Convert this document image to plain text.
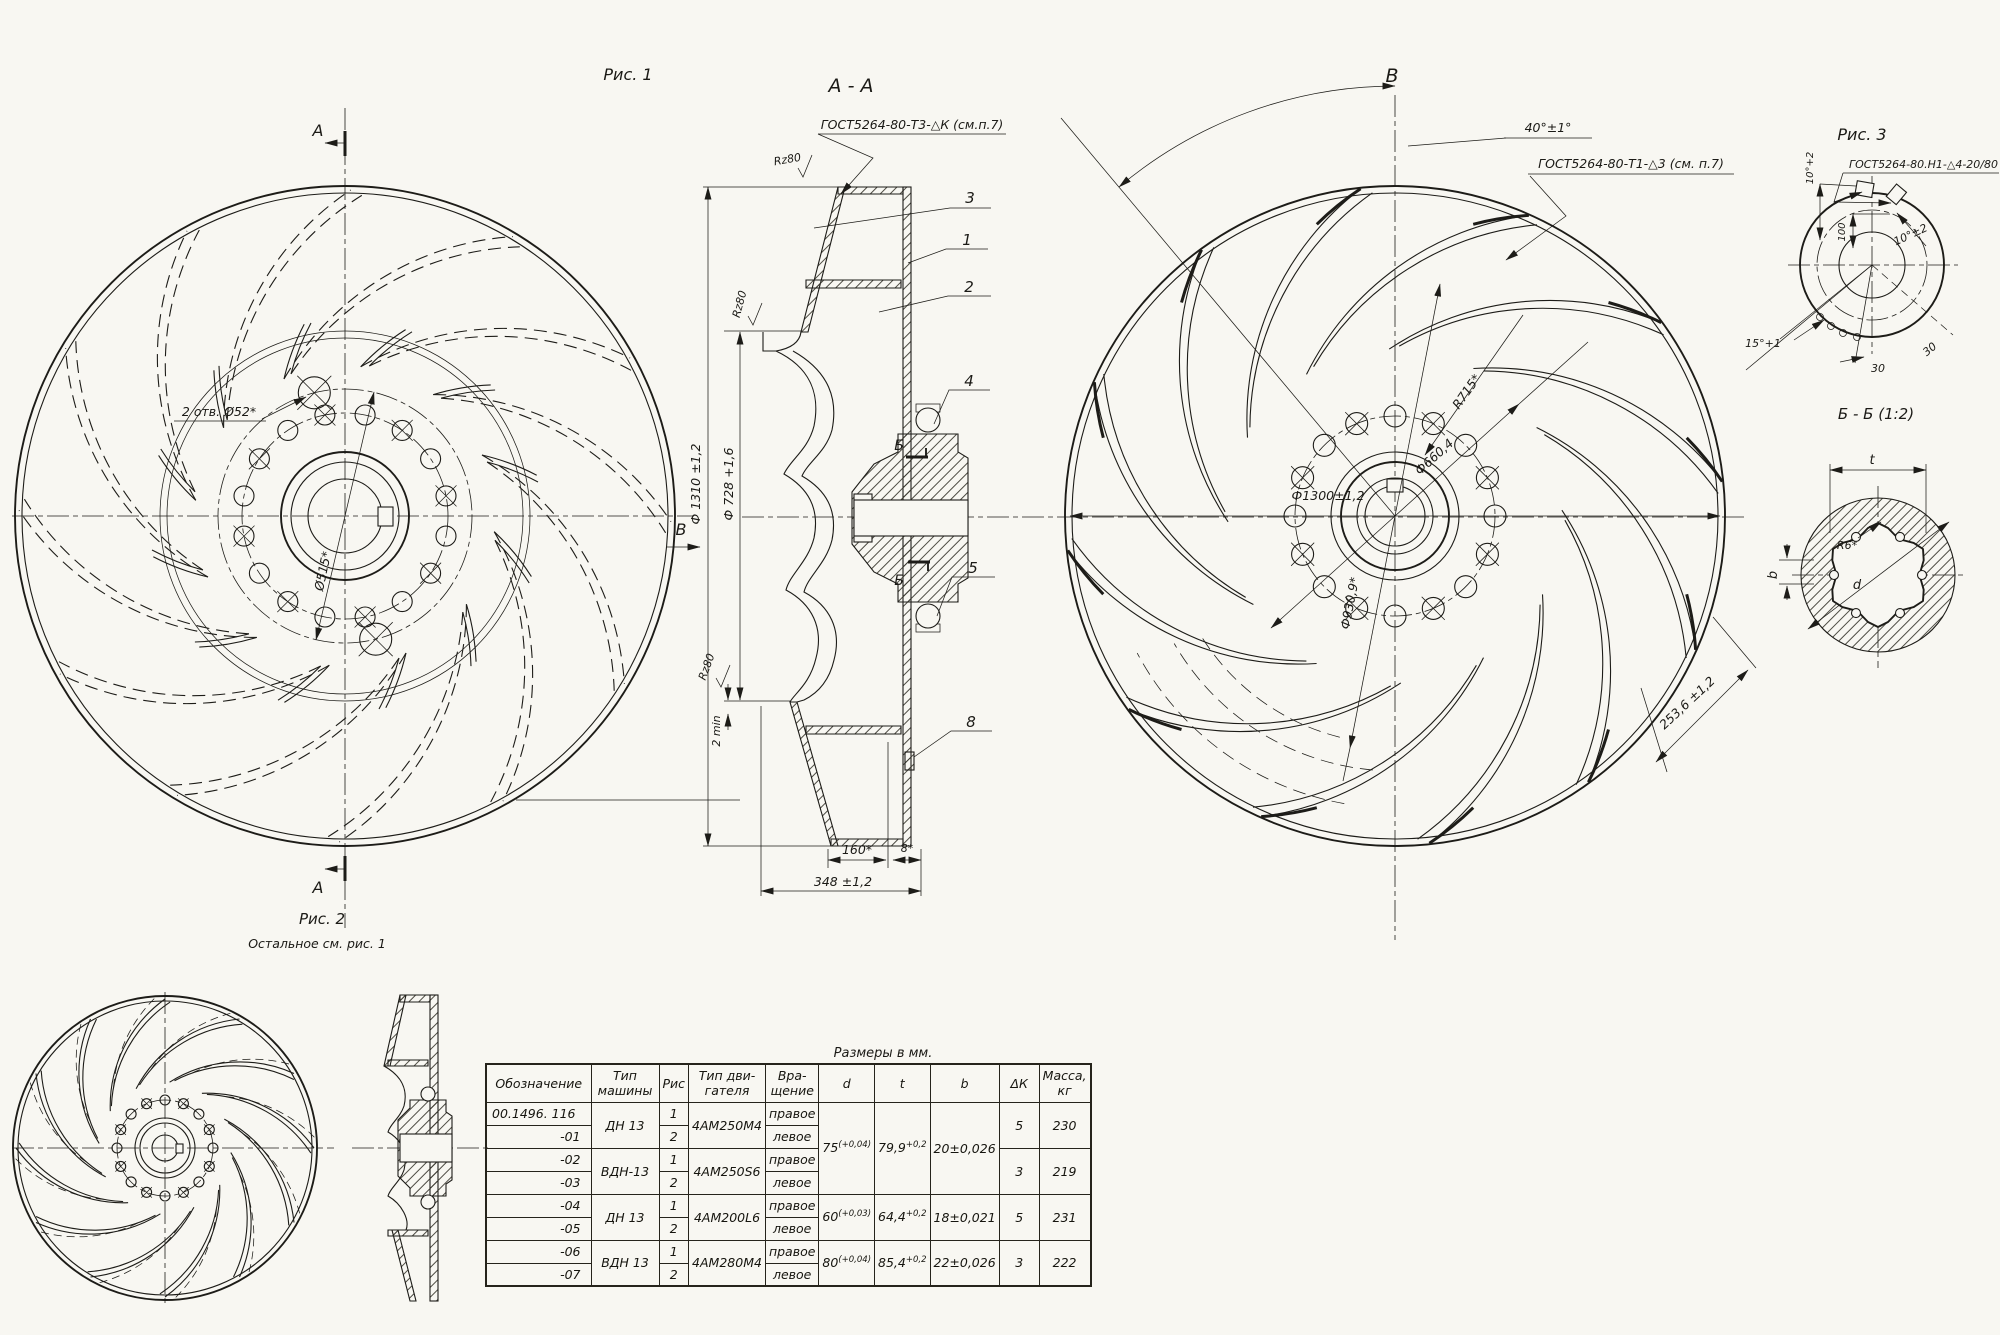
Рис. 1
А
А
2 отв. Ø52*
Ø515*
А - А
ГОСТ5264-80-Т3-△К (см.п.7)
Rz80
Rz80
Rz80
Ф 1310 ±1,2 Ф 728 +1,6
2 min
В
3
1
2
4
5
8
Б
Б
160*	8*
348 ±1,2
В
40°±1°
ГОСТ5264-80-Т1-△3 (см. п.7)
R715*
Ф660,4
Ф1300±1,2
Ф930,9*
253,6 ±1,2
Рис. 3
ГОСТ5264-80.Н1-△4-20/80
10°+2
100	10°±2
15°+1
30
30
Б - Б (1:2)
t
b
R6*
d
Рис. 2
Остальное см. рис. 1
Размеры в мм.
Обозначение	Тип машины	Рис	Тип дви-гателя	Вра-щение	d	t	b	ΔК	Масса, кг
00.1496. 116	ДН 13	1	4АМ250М4	правое	$75^{(+0,04)}$	$79,9^{+0,2}$	20±0,026	5	230
-01		2		левое					
-02	ВДН-13	1	4АМ250S6	правое				3	219
-03		2		левое					
-04	ДН 13	1	4АМ200L6	правое	$60^{(+0,03)}$	$64,4^{+0,2}$	18±0,021	5	231
-05		2		левое					
-06	ВДН 13	1	4АМ280М4	правое	$80^{(+0,04)}$	$85,4^{+0,2}$	22±0,026	3	222
-07		2		левое					
